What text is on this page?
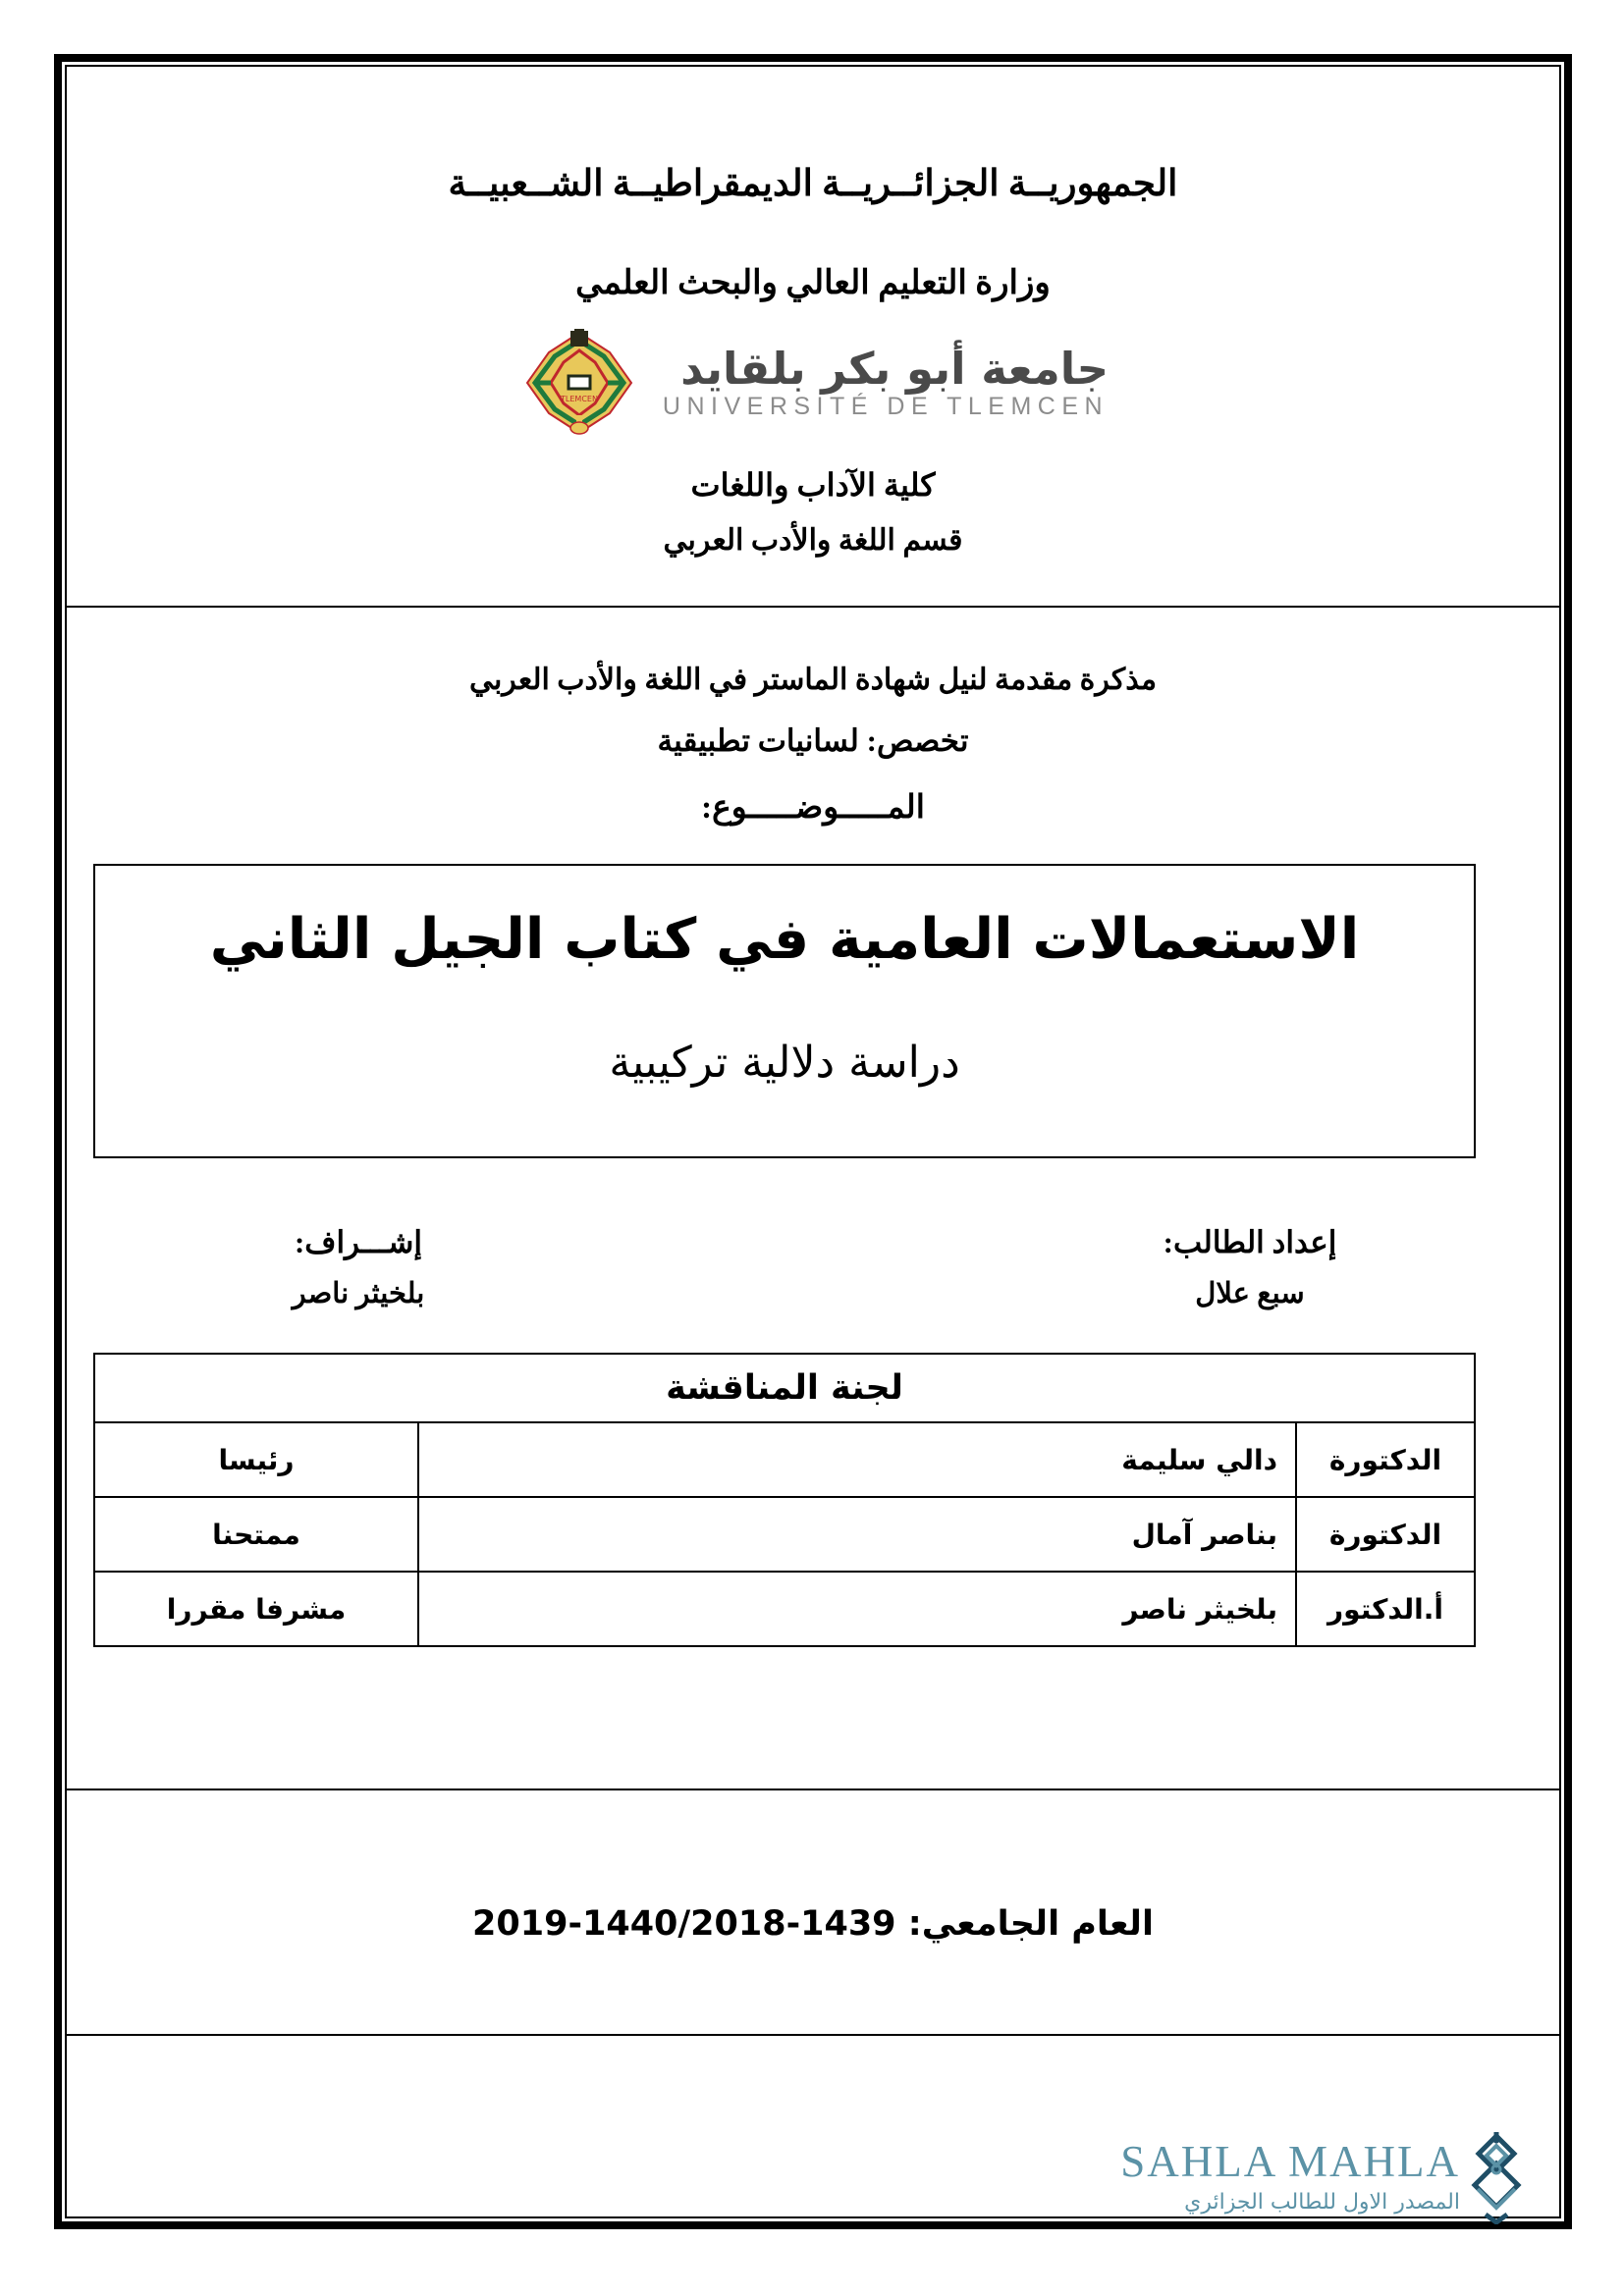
الجمهوريــة الجزائــريــة الديمقراطيــة الشــعبيــة
وزارة التعليم العالي والبحث العلمي
TLEMCEN
جامعة أبو بكر بلقايد
UNIVERSITÉ DE TLEMCEN
كلية الآداب واللغات
قسم اللغة والأدب العربي
مذكرة مقدمة لنيل شهادة الماستر في اللغة والأدب العربي
تخصص: لسانيات تطبيقية
المـــــوضـــــوع:
الاستعمالات العامية في كتاب الجيل الثاني
دراسة دلالية تركيبية
إعداد الطالب:
سبع علال
إشـــراف:
بلخيثر ناصر
لجنة المناقشة		
الدكتورة	دالي سليمة	رئيسا
الدكتورة	بناصر آمال	ممتحنا
أ.الدكتور	بلخيثر ناصر	مشرفا مقررا
العام الجامعي: 1439-1440/2018-2019
SAHLA MAHLA
المصدر الاول للطالب الجزائري
